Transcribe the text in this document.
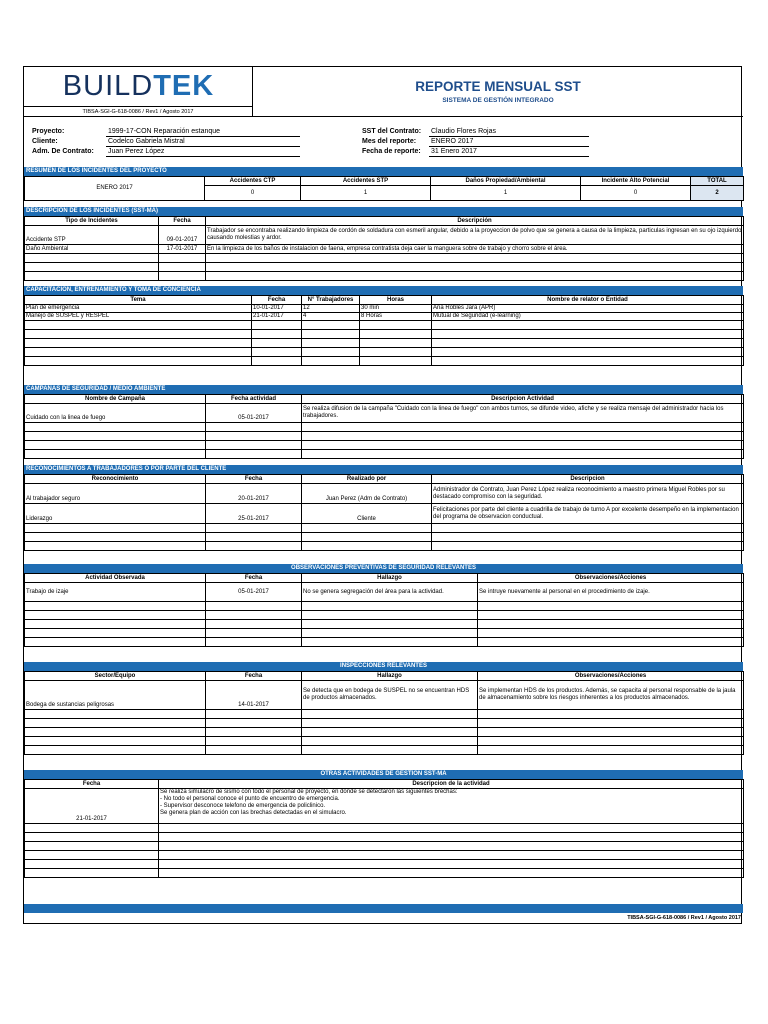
BUILD TEK
TIBSA-SGI-G-618-0086 / Rev1 / Agosto 2017
REPORTE MENSUAL SST
SISTEMA DE GESTIÓN INTEGRADO
Proyecto:	1999-17-CON Reparación estanque
Cliente:	Codelco Gabriela Mistral
Adm. De Contrato: Juan Perez López
SST del Contrato: Claudio Flores Rojas
Mes del reporte: ENERO 2017
Fecha de reporte: 31 Enero 2017
RESUMEN DE LOS INCIDENTES DEL PROYECTO
ENERO 2017	Accidentes CTP	Accidentes STP	Daños Propiedad/Ambiental	Incidente Alto Potencial	TOTAL
	0	1	1	0	2
DESCRIPCIÓN DE LOS INCIDENTES (SST-MA)
Tipo de Incidentes	Fecha	Descripción
Accidente STP	09-01-2017	Trabajador se encontraba realizando limpieza de cordón de soldadura con esmeril angular, debido a la proyeccion de polvo que se genera a causa de la limpieza, particulas ingresan en su ojo izquierdo causando molestias y ardor.
Daño Ambiental	17-01-2017	En la limpieza de los baños de instalacion de faena, empresa contratista deja caer la manguera sobre de trabajo y chorro sobre el área.

CAPACITACIÓN, ENTRENAMIENTO Y TOMA DE CONCIENCIA
Tema	Fecha	N° Trabajadores	Horas	Nombre de relator o Entidad
Plan de emergencia	10-01-2017	12	30 min	Ana Robles Jara (APR)
Manejo de SUSPEL y RESPEL	21-01-2017	4	8 Horas	Mutual de Seguridad (e-learning)

CAMPAÑAS DE SEGURIDAD / MEDIO AMBIENTE
Nombre de Campaña	Fecha actividad	Descripcion Actividad
Cuidado con la linea de fuego	05-01-2017	Se realiza difusion de la campaña "Cuidado con la linea de fuego" con ambos turnos, se difunde video, afiche y se realiza mensaje del administrador hacia los trabajadores.

RECONOCIMIENTOS A TRABAJADORES O POR PARTE DEL CLIENTE
Reconocimiento	Fecha	Realizado por	Descripcion
Al trabajador seguro	20-01-2017	Juan Perez (Adm de Contrato)	Administrador de Contrato, Juan Perez López realiza reconocimiento a maestro primera Miguel Robles por su destacado compromiso con la seguridad.
Liderazgo	25-01-2017	Cliente	Felicitaciones por parte del cliente a cuadrilla de trabajo de turno A por excelente desempeño en la implementacion del programa de observacion conductual.

OBSERVACIONES PREVENTIVAS DE SEGURIDAD RELEVANTES
Actividad Observada	Fecha	Hallazgo	Observaciones/Acciones
Trabajo de izaje	05-01-2017	No se genera segregación del área para la actividad.	Se intruye nuevamente al personal en el procedimiento de izaje.

INSPECCIONES RELEVANTES
Sector/Equipo	Fecha	Hallazgo	Observaciones/Acciones
Bodega de sustancias peligrosas	14-01-2017	Se detecta que en bodega de SUSPEL no se encuentran HDS de productos almacenados.	Se implementan HDS de los productos. Además, se capacita al personal responsable de la jaula de almacenamiento sobre los riesgos inherentes a los productos almacenados.

OTRAS ACTIVIDADES DE GESTIÓN SST-MA
Fecha	Descripcion de la actividad
21-01-2017	Se realiza simulacro de sismo con todo el personal de proyecto, en donde se detectaron las siguientes brechas:
- No todo el personal conoce el punto de encuentro de emergencia.
- Supervisor desconoce telefono de emergencia de policlinico.
Se genera plan de acción con las brechas detectadas en el simulacro.

TIBSA-SGI-G-618-0086 / Rev1 / Agosto 2017
